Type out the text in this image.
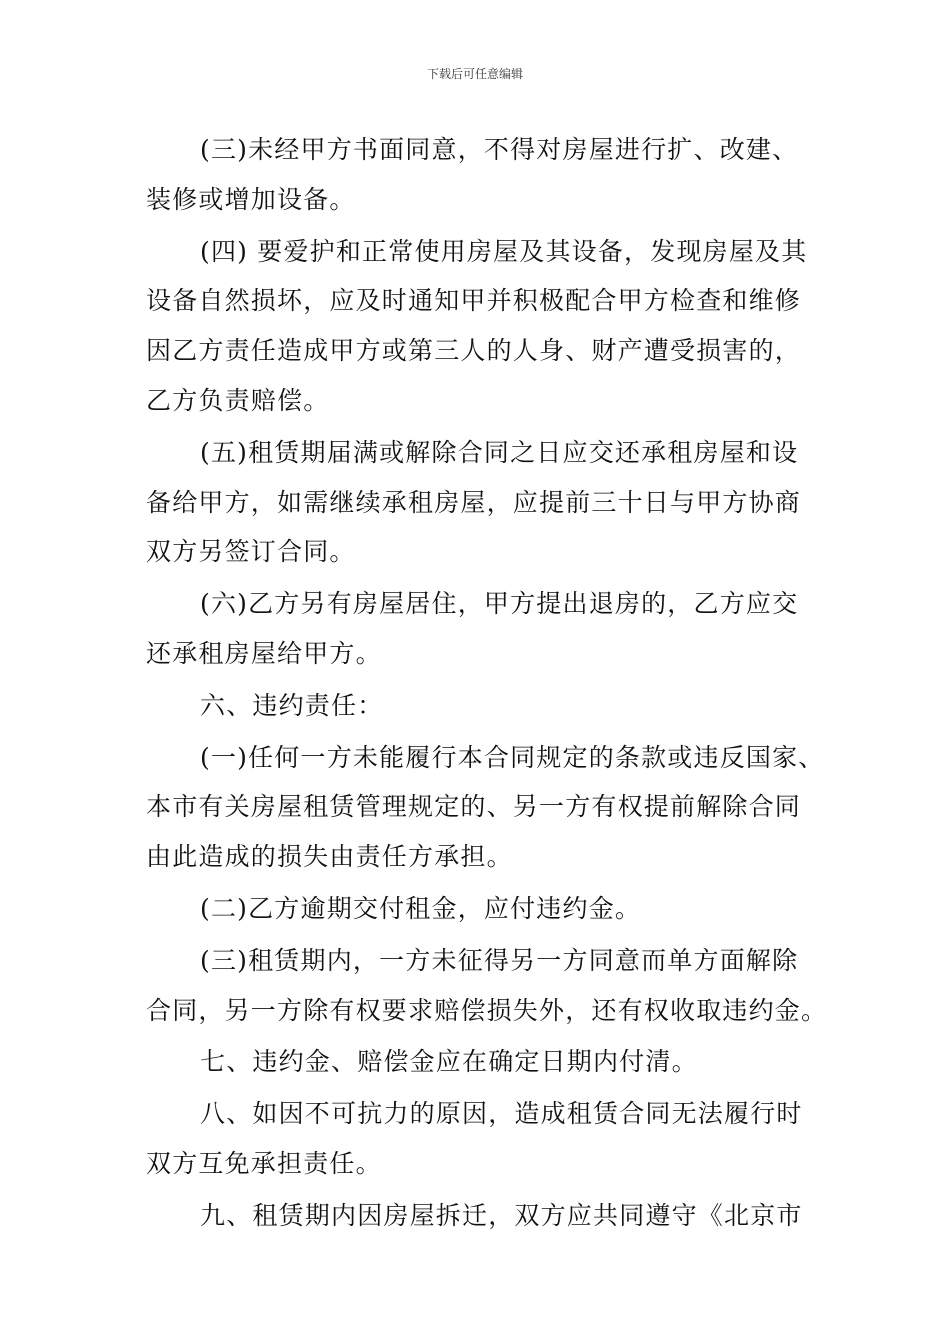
下载后可任意编辑
(三)未经甲方书面同意，不得对房屋进行扩、改建、
装修或增加设备。
(四) 要爱护和正常使用房屋及其设备，发现房屋及其
设备自然损坏，应及时通知甲并积极配合甲方检查和维修
因乙方责任造成甲方或第三人的人身、财产遭受损害的，
乙方负责赔偿。
(五)租赁期届满或解除合同之日应交还承租房屋和设
备给甲方，如需继续承租房屋，应提前三十日与甲方协商
双方另签订合同。
(六)乙方另有房屋居住，甲方提出退房的，乙方应交
还承租房屋给甲方。
六、违约责任：
(一)任何一方未能履行本合同规定的条款或违反国家、
本市有关房屋租赁管理规定的、另一方有权提前解除合同
由此造成的损失由责任方承担。
(二)乙方逾期交付租金，应付违约金。
(三)租赁期内，一方未征得另一方同意而单方面解除
合同，另一方除有权要求赔偿损失外，还有权收取违约金。
七、违约金、赔偿金应在确定日期内付清。
八、如因不可抗力的原因，造成租赁合同无法履行时
双方互免承担责任。
九、租赁期内因房屋拆迁，双方应共同遵守《北京市
